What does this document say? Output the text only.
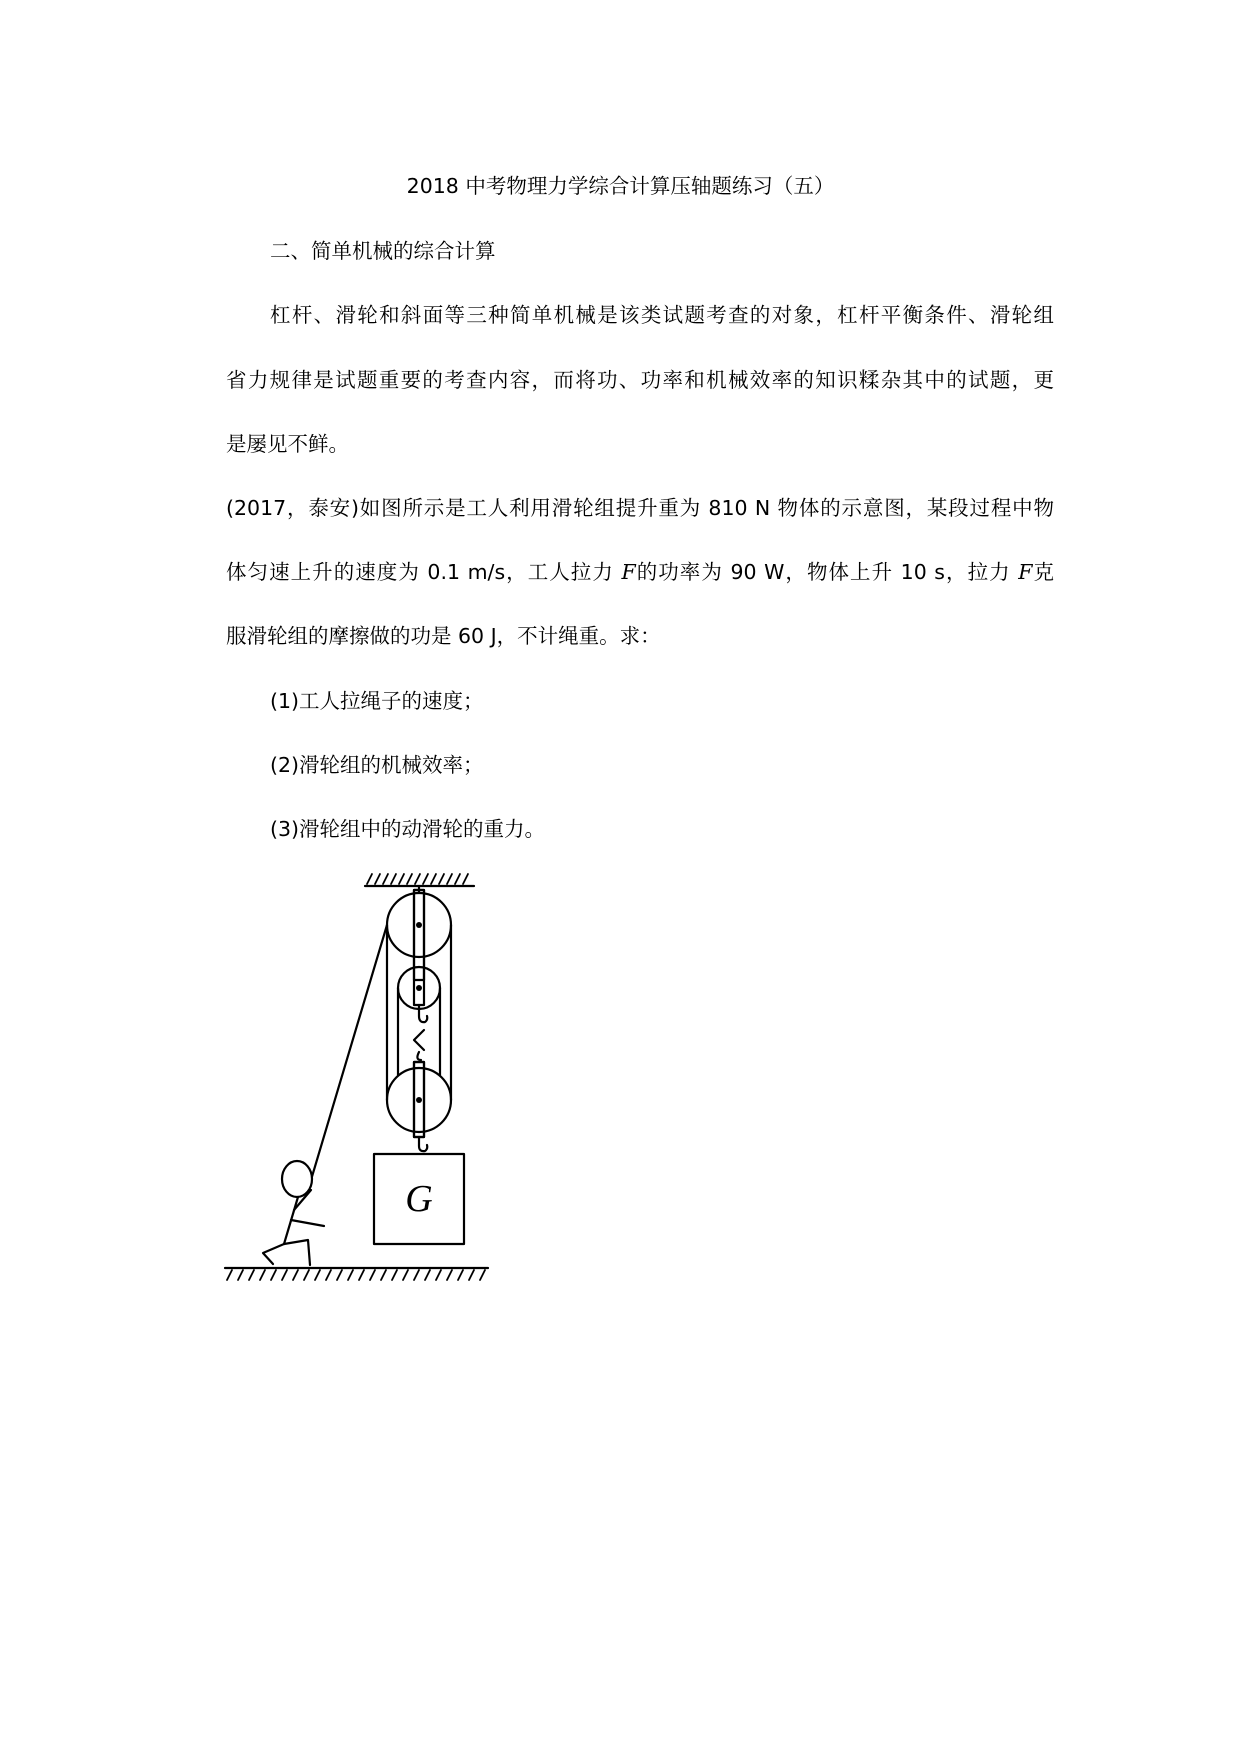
2018 中考物理力学综合计算压轴题练习（五）
二、简单机械的综合计算
杠杆、滑轮和斜面等三种简单机械是该类试题考查的对象，杠杆平衡条件、滑轮组
省力规律是试题重要的考查内容，而将功、功率和机械效率的知识糅杂其中的试题，更
是屡见不鲜。
(2017，泰安)如图所示是工人利用滑轮组提升重为 810 N 物体的示意图，某段过程中物
体匀速上升的速度为 0.1 m/s，工人拉力 F的功率为 90 W，物体上升 10 s，拉力 F克
服滑轮组的摩擦做的功是 60 J，不计绳重。求：
(1)工人拉绳子的速度；
(2)滑轮组的机械效率；
(3)滑轮组中的动滑轮的重力。
G
